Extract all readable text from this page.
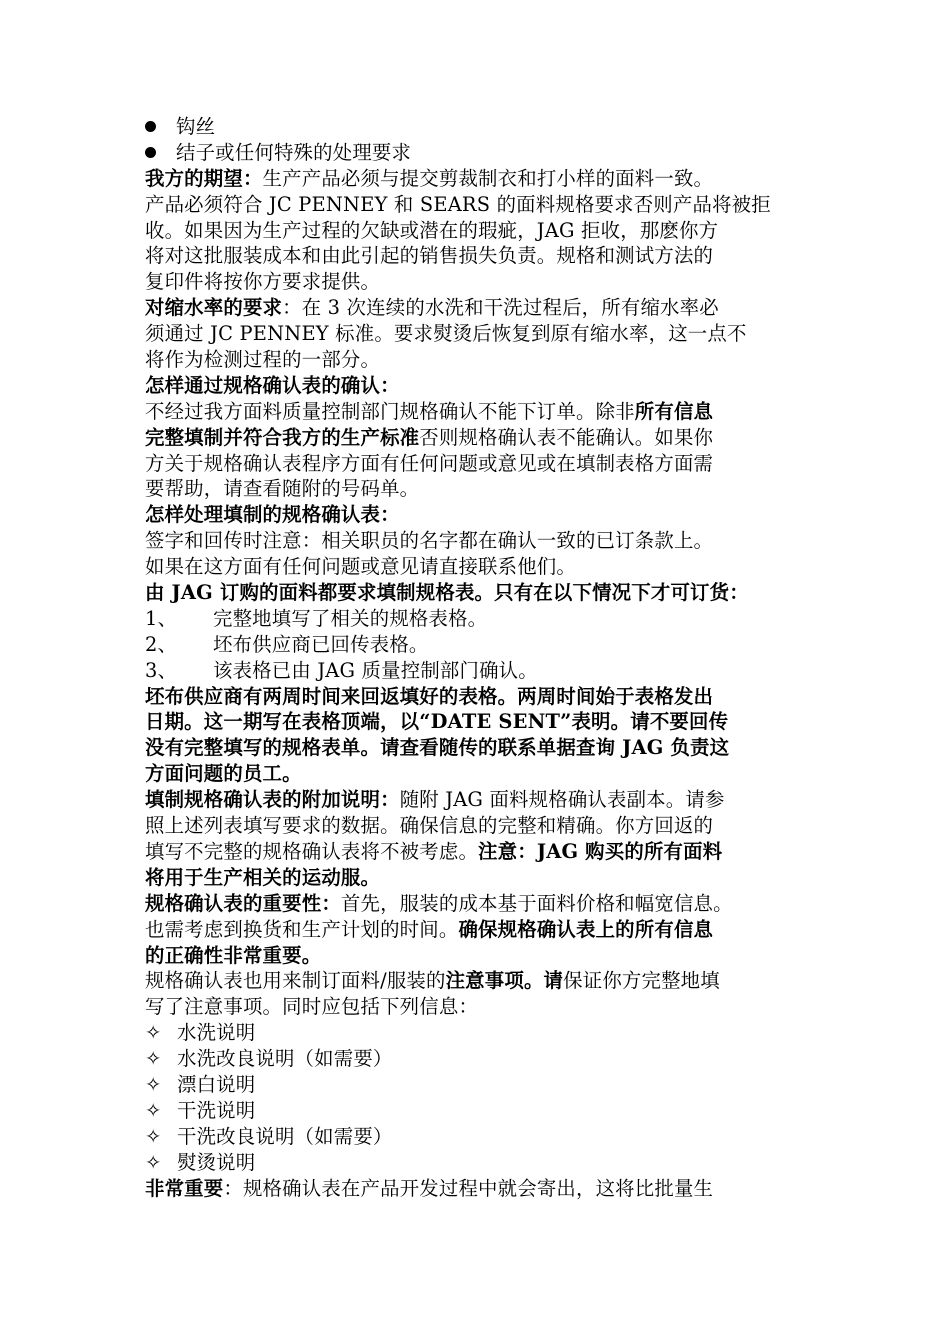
钩丝
结子或任何特殊的处理要求
我方的期望：生产产品必须与提交剪裁制衣和打小样的面料一致。
产品必须符合 JC PENNEY 和 SEARS 的面料规格要求否则产品将被拒
收。如果因为生产过程的欠缺或潜在的瑕疵，JAG 拒收，那麽你方
将对这批服装成本和由此引起的销售损失负责。规格和测试方法的
复印件将按你方要求提供。
对缩水率的要求：在 3 次连续的水洗和干洗过程后，所有缩水率必
须通过 JC PENNEY 标准。要求熨烫后恢复到原有缩水率，这一点不
将作为检测过程的一部分。
怎样通过规格确认表的确认：
不经过我方面料质量控制部门规格确认不能下订单。除非所有信息
完整填制并符合我方的生产标准否则规格确认表不能确认。如果你
方关于规格确认表程序方面有任何问题或意见或在填制表格方面需
要帮助，请查看随附的号码单。
怎样处理填制的规格确认表：
签字和回传时注意：相关职员的名字都在确认一致的已订条款上。
如果在这方面有任何问题或意见请直接联系他们。
由 JAG 订购的面料都要求填制规格表。只有在以下情况下才可订货：
1、 完整地填写了相关的规格表格。
2、 坯布供应商已回传表格。
3、 该表格已由 JAG 质量控制部门确认。
坯布供应商有两周时间来回返填好的表格。两周时间始于表格发出
日期。这一期写在表格顶端，以“DATE SENT”表明。请不要回传
没有完整填写的规格表单。请查看随传的联系单据查询 JAG 负责这
方面问题的员工。
填制规格确认表的附加说明：随附 JAG 面料规格确认表副本。请参
照上述列表填写要求的数据。确保信息的完整和精确。你方回返的
填写不完整的规格确认表将不被考虑。注意：JAG 购买的所有面料
将用于生产相关的运动服。
规格确认表的重要性：首先，服装的成本基于面料价格和幅宽信息。
也需考虑到换货和生产计划的时间。确保规格确认表上的所有信息
的正确性非常重要。
规格确认表也用来制订面料/服装的注意事项。请保证你方完整地填
写了注意事项。同时应包括下列信息：
✧ 水洗说明
✧ 水洗改良说明（如需要）
✧ 漂白说明
✧ 干洗说明
✧ 干洗改良说明（如需要）
✧ 熨烫说明
非常重要：规格确认表在产品开发过程中就会寄出，这将比批量生
